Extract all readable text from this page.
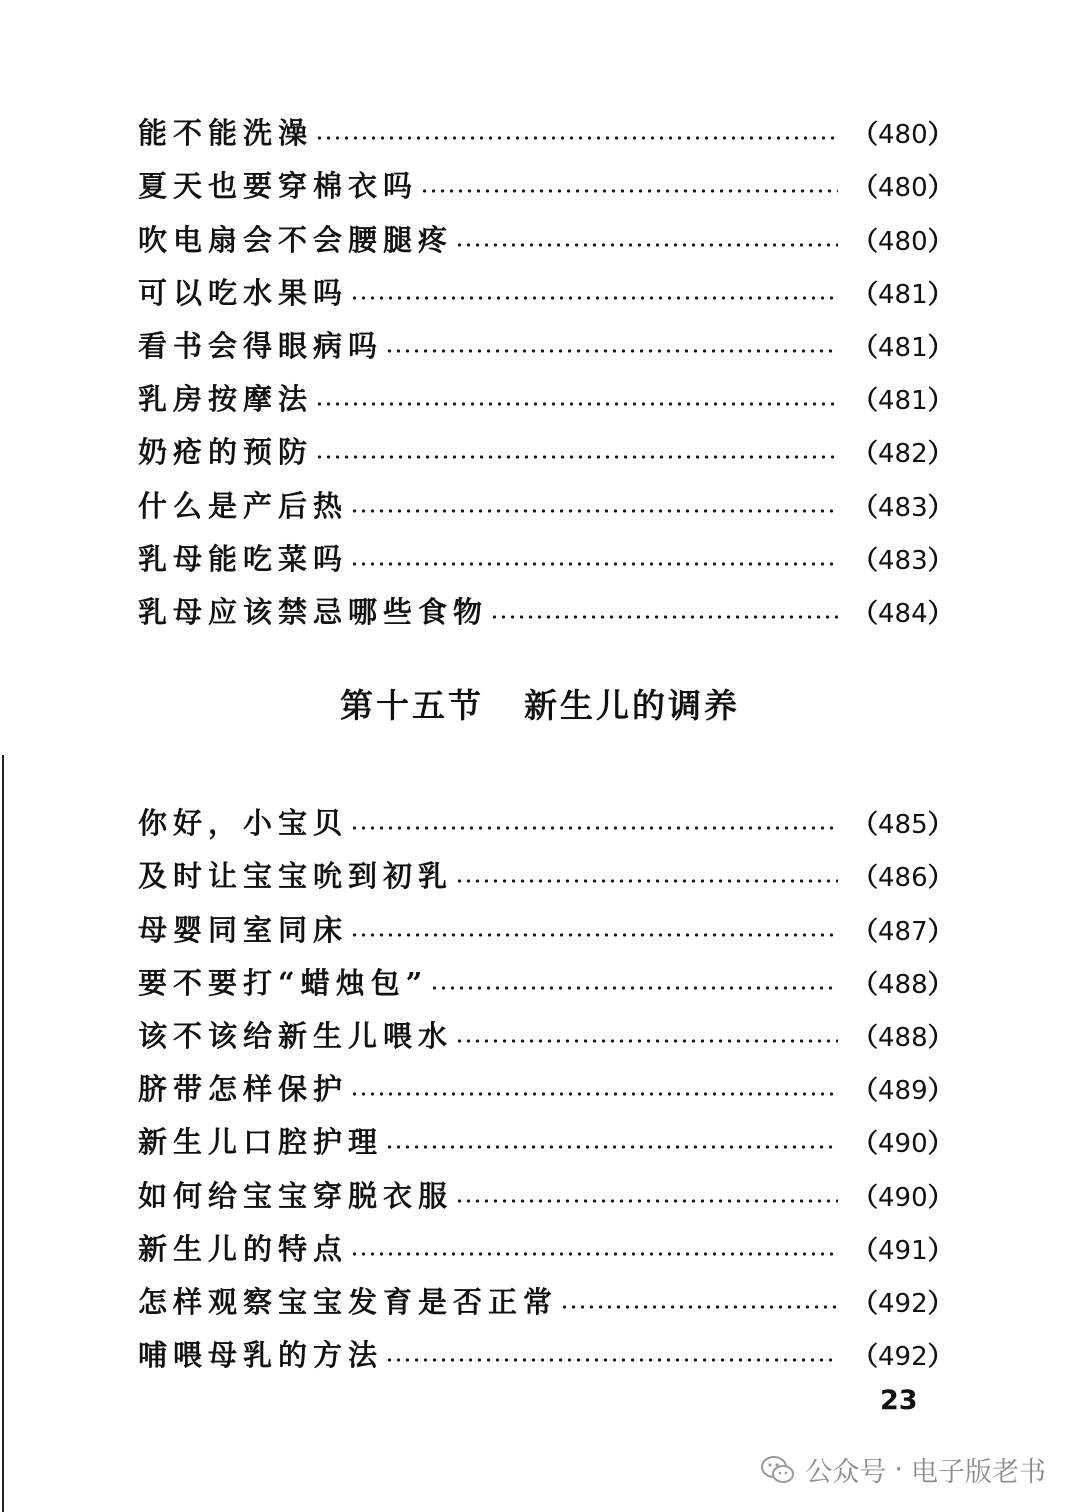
能不能洗澡	（ 480 ）
夏天也要穿棉衣吗	（ 480 ）
吹电扇会不会腰腿疼	（ 480 ）
可以吃水果吗	（ 481 ）
看书会得眼病吗	（ 481 ）
乳房按摩法	（ 481 ）
奶疮的预防	（ 482 ）
什么是产后热	（ 483 ）
乳母能吃菜吗	（ 483 ）
乳母应该禁忌哪些食物	（ 484 ）
第十五节 新生儿的调养
你好，小宝贝	（ 485 ）
及时让宝宝吮到初乳	（ 486 ）
母婴同室同床	（ 487 ）
要不要打“蜡烛包”	（ 488 ）
该不该给新生儿喂水	（ 488 ）
脐带怎样保护	（ 489 ）
新生儿口腔护理	（ 490 ）
如何给宝宝穿脱衣服	（ 490 ）
新生儿的特点	（ 491 ）
怎样观察宝宝发育是否正常	（ 492 ）
哺喂母乳的方法	（ 492 ）
23
公众号 · 电子版老书
